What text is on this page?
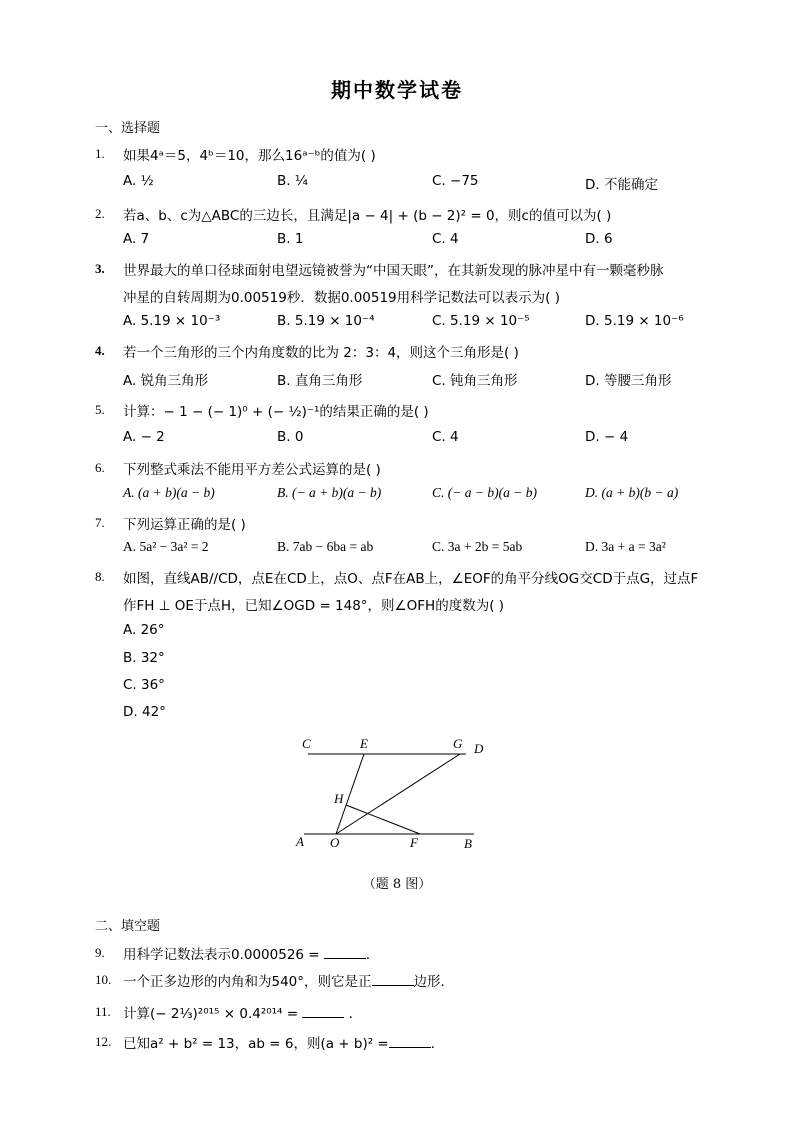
期中数学试卷
一、选择题
1. 如果4ᵃ＝5，4ᵇ＝10，那么16ᵃ⁻ᵇ的值为( )
A. ½	B. ¼	C. −75	D. 不能确定
2. 若a、b、c为△ABC的三边长，且满足|a − 4| + (b − 2)² = 0，则c的值可以为( )
A. 7	B. 1	C. 4	D. 6
3. 世界最大的单口径球面射电望远镜被誉为“中国天眼”，在其新发现的脉冲星中有一颗毫秒脉
冲星的自转周期为0.00519秒．数据0.00519用科学记数法可以表示为( )
A. 5.19 × 10⁻³	B. 5.19 × 10⁻⁴	C. 5.19 × 10⁻⁵	D. 5.19 × 10⁻⁶
4. 若一个三角形的三个内角度数的比为 2：3：4，则这个三角形是( )
A. 锐角三角形	B. 直角三角形	C. 钝角三角形	D. 等腰三角形
5. 计算：− 1 − (− 1)⁰ + (− ½)⁻¹的结果正确的是( )
A. − 2	B. 0	C. 4	D. − 4
6. 下列整式乘法不能用平方差公式运算的是( )
A. (a + b)(a − b)	B. (− a + b)(a − b)	C. (− a − b)(a − b)	D. (a + b)(b − a)
7. 下列运算正确的是( )
A. 5a² − 3a² = 2	B. 7ab − 6ba = ab	C. 3a + 2b = 5ab	D. 3a + a = 3a²
8. 如图，直线AB//CD，点E在CD上，点O、点F在AB上，∠EOF的角平分线OG交CD于点G，过点F
作FH ⊥ OE于点H，已知∠OGD = 148°，则∠OFH的度数为( )
A. 26°
B. 32°
C. 36°
D. 42°
C	E	G D
H
A O	F	B
（题 8 图）
二、填空题
9. 用科学记数法表示0.0000526 =	．
10. 一个正多边形的内角和为540°，则它是正	边形．
11. 计算(− 2⅓)²⁰¹⁵ × 0.4²⁰¹⁴ =	．
12. 已知a² + b² = 13，ab = 6，则(a + b)² =	．
